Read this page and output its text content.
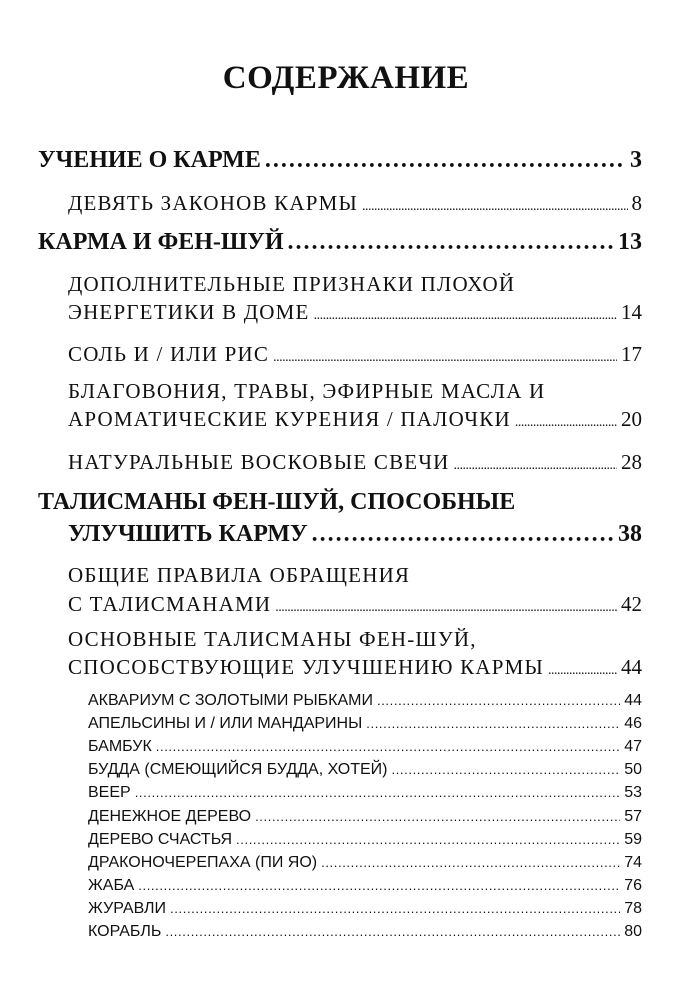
СОДЕРЖАНИЕ
УЧЕНИЕ О КАРМЕ . . .	3
ДЕВЯТЬ ЗАКОНОВ КАРМЫ . . .	8
КАРМА И ФЕН-ШУЙ . . .	13
ДОПОЛНИТЕЛЬНЫЕ ПРИЗНАКИ ПЛОХОЙ
ЭНЕРГЕТИКИ В ДОМЕ . . .	14
СОЛЬ И / ИЛИ РИС . . .	17
БЛАГОВОНИЯ, ТРАВЫ, ЭФИРНЫЕ МАСЛА И
АРОМАТИЧЕСКИЕ КУРЕНИЯ / ПАЛОЧКИ . . .	20
НАТУРАЛЬНЫЕ ВОСКОВЫЕ СВЕЧИ . . .	28
ТАЛИСМАНЫ ФЕН-ШУЙ, СПОСОБНЫЕ
УЛУЧШИТЬ КАРМУ . . .	38
ОБЩИЕ ПРАВИЛА ОБРАЩЕНИЯ
С ТАЛИСМАНАМИ . . .	42
ОСНОВНЫЕ ТАЛИСМАНЫ ФЕН-ШУЙ,
СПОСОБСТВУЮЩИЕ УЛУЧШЕНИЮ КАРМЫ . . .	44
АКВАРИУМ С ЗОЛОТЫМИ РЫБКАМИ . . .	44
АПЕЛЬСИНЫ И / ИЛИ МАНДАРИНЫ . . .	46
БАМБУК . . .	47
БУДДА (СМЕЮЩИЙСЯ БУДДА, ХОТЕЙ) . . .	50
ВЕЕР . . .	53
ДЕНЕЖНОЕ ДЕРЕВО . . .	57
ДЕРЕВО СЧАСТЬЯ . . .	59
ДРАКОНОЧЕРЕПАХА (ПИ ЯО) . . .	74
ЖАБА . . .	76
ЖУРАВЛИ . . .	78
КОРАБЛЬ . . .	80
